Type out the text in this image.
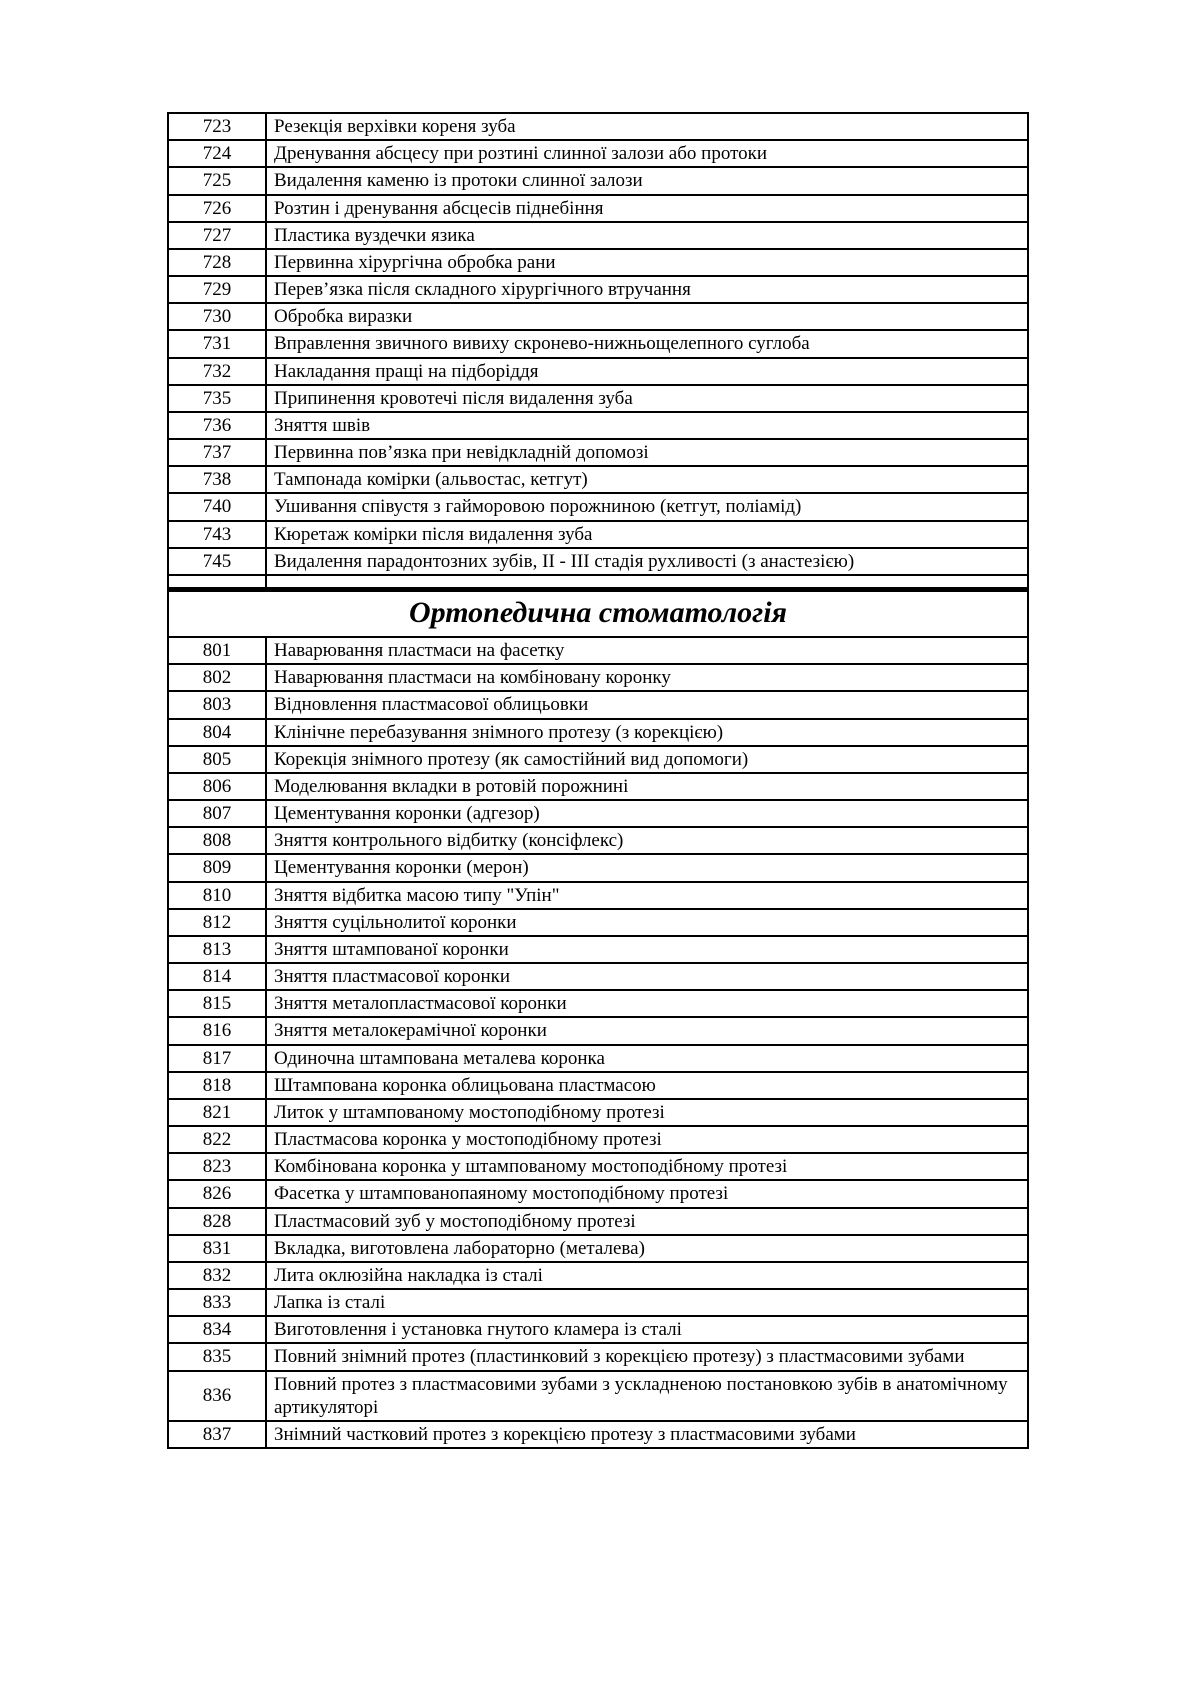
723	Резекція верхівки кореня зуба
724	Дренування абсцесу при розтині слинної залози або протоки
725	Видалення каменю із протоки слинної залози
726	Розтин і дренування абсцесів піднебіння
727	Пластика вуздечки язика
728	Первинна хірургічна обробка рани
729	Перев’язка після складного хірургічного втручання
730	Обробка виразки
731	Вправлення звичного вивиху скронево-нижньощелепного суглоба
732	Накладання пращі на підборіддя
735	Припинення кровотечі після видалення зуба
736	Зняття швів
737	Первинна пов’язка при невідкладній допомозі
738	Тампонада комірки (альвостас, кетгут)
740	Ушивання співустя з гайморовою порожниною (кетгут, поліамід)
743	Кюретаж комірки після видалення зуба
745	Видалення парадонтозних зубів, II - III стадія рухливості (з анастезією)

Ортопедична стоматологія	
801	Наварювання пластмаси на фасетку
802	Наварювання пластмаси на комбіновану коронку
803	Відновлення пластмасової облицьовки
804	Клінічне перебазування знімного протезу (з корекцією)
805	Корекція знімного протезу (як самостійний вид допомоги)
806	Моделювання вкладки в ротовій порожнині
807	Цементування коронки (адгезор)
808	Зняття контрольного відбитку (консіфлекс)
809	Цементування коронки (мерон)
810	Зняття відбитка масою типу "Упін"
812	Зняття суцільнолитої коронки
813	Зняття штампованої коронки
814	Зняття пластмасової коронки
815	Зняття металопластмасової коронки
816	Зняття металокерамічної коронки
817	Одиночна штампована металева коронка
818	Штампована коронка облицьована пластмасою
821	Литок у штампованому мостоподібному протезі
822	Пластмасова коронка у мостоподібному протезі
823	Комбінована коронка у штампованому мостоподібному протезі
826	Фасетка у штампованопаяному мостоподібному протезі
828	Пластмасовий зуб у мостоподібному протезі
831	Вкладка, виготовлена лабораторно (металева)
832	Лита оклюзійна накладка із сталі
833	Лапка із сталі
834	Виготовлення і установка гнутого кламера із сталі
835	Повний знімний протез (пластинковий з корекцією протезу) з пластмасовими зубами
836	Повний протез з пластмасовими зубами з ускладненою постановкою зубів в анатомічному артикуляторі
837	Знімний частковий протез з корекцією протезу з пластмасовими зубами
